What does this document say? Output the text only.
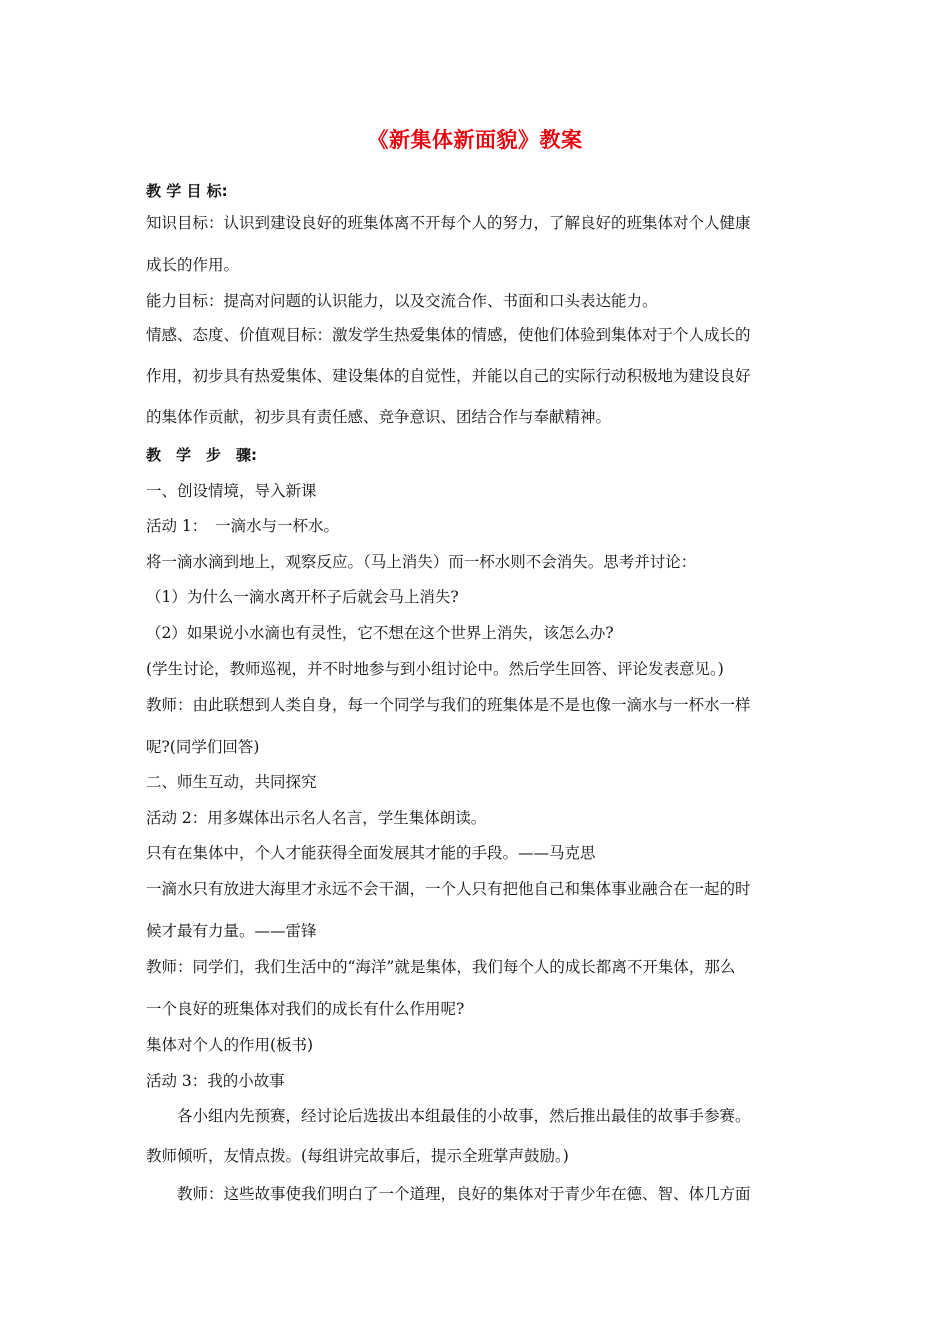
《新集体新面貌》教案
教 学 目 标:
知识目标：认识到建设良好的班集体离不开每个人的努力，了解良好的班集体对个人健康
成长的作用。
能力目标：提高对问题的认识能力，以及交流合作、书面和口头表达能力。
情感、态度、价值观目标：激发学生热爱集体的情感，使他们体验到集体对于个人成长的
作用，初步具有热爱集体、建设集体的自觉性，并能以自己的实际行动积极地为建设良好
的集体作贡献，初步具有责任感、竞争意识、团结合作与奉献精神。
教　学　步　骤:
一、创设情境，导入新课
活动 1：　一滴水与一杯水。
将一滴水滴到地上，观察反应。（马上消失）而一杯水则不会消失。思考并讨论：
（1）为什么一滴水离开杯子后就会马上消失?
（2）如果说小水滴也有灵性，它不想在这个世界上消失，该怎么办?
(学生讨论，教师巡视，并不时地参与到小组讨论中。然后学生回答、评论发表意见。)
教师：由此联想到人类自身，每一个同学与我们的班集体是不是也像一滴水与一杯水一样
呢?(同学们回答)
二、师生互动，共同探究
活动 2：用多媒体出示名人名言，学生集体朗读。
只有在集体中，个人才能获得全面发展其才能的手段。——马克思
一滴水只有放进大海里才永远不会干涸，一个人只有把他自己和集体事业融合在一起的时
候才最有力量。——雷锋
教师：同学们，我们生活中的“海洋”就是集体，我们每个人的成长都离不开集体，那么
一个良好的班集体对我们的成长有什么作用呢?
集体对个人的作用(板书)
活动 3：我的小故事
各小组内先预赛，经讨论后选拔出本组最佳的小故事，然后推出最佳的故事手参赛。
教师倾听，友情点拨。(每组讲完故事后，提示全班掌声鼓励。)
教师：这些故事使我们明白了一个道理，良好的集体对于青少年在德、智、体几方面
